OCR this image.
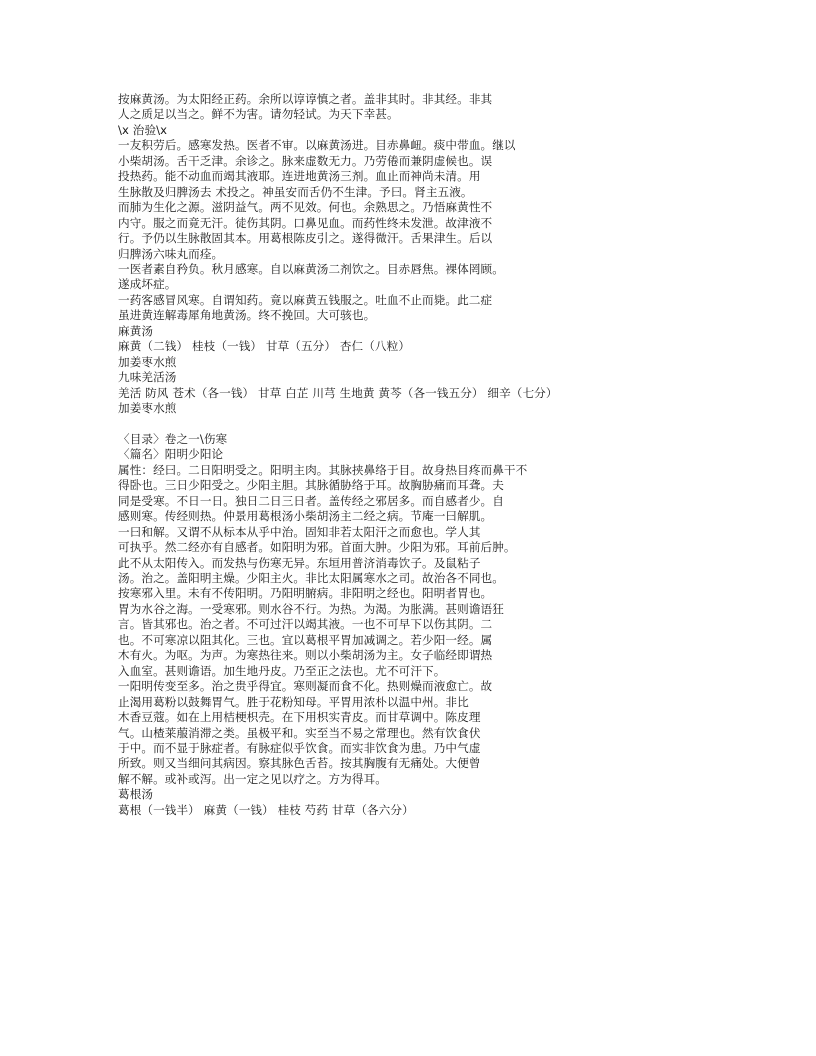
按麻黄汤。为太阳经正药。余所以谆谆慎之者。盖非其时。非其经。非其
人之质足以当之。鲜不为害。请勿轻试。为天下幸甚。
\x 治验\x
一友积劳后。感寒发热。医者不审。以麻黄汤进。目赤鼻衄。痰中带血。继以
小柴胡汤。舌干乏津。余诊之。脉来虚数无力。乃劳倦而兼阴虚候也。误
投热药。能不动血而竭其液耶。连进地黄汤三剂。血止而神尚未清。用
生脉散及归脾汤去 术投之。神虽安而舌仍不生津。予曰。肾主五液。
而肺为生化之源。滋阴益气。两不见效。何也。余熟思之。乃悟麻黄性不
内守。服之而竟无汗。徒伤其阴。口鼻见血。而药性终未发泄。故津液不
行。予仍以生脉散固其本。用葛根陈皮引之。遂得微汗。舌果津生。后以
归脾汤六味丸而痊。
一医者素自矜负。秋月感寒。自以麻黄汤二剂饮之。目赤唇焦。裸体罔顾。
遂成坏症。
一药客感冒风寒。自谓知药。竟以麻黄五钱服之。吐血不止而毙。此二症
虽进黄连解毒犀角地黄汤。终不挽回。大可骇也。
麻黄汤
麻黄（二钱） 桂枝（一钱） 甘草（五分） 杏仁（八粒）
加姜枣水煎
九味羌活汤
羌活 防风 苍术（各一钱） 甘草 白芷 川芎 生地黄 黄芩（各一钱五分） 细辛（七分）
加姜枣水煎

〈目录〉卷之一\伤寒
〈篇名〉阳明少阳论
属性：经曰。二日阳明受之。阳明主肉。其脉挟鼻络于目。故身热目疼而鼻干不
得卧也。三日少阳受之。少阳主胆。其脉循胁络于耳。故胸胁痛而耳聋。夫
同是受寒。不日一日。独日二日三日者。盖传经之邪居多。而自感者少。自
感则寒。传经则热。仲景用葛根汤小柴胡汤主二经之病。节庵一曰解肌。
一曰和解。又谓不从标本从乎中治。固知非若太阳汗之而愈也。学人其
可执乎。然二经亦有自感者。如阳明为邪。首面大肿。少阳为邪。耳前后肿。
此不从太阳传入。而发热与伤寒无异。东垣用普济消毒饮子。及鼠粘子
汤。治之。盖阳明主燥。少阳主火。非比太阳属寒水之司。故治各不同也。
按寒邪入里。未有不传阳明。乃阳明腑病。非阳明之经也。阳明者胃也。
胃为水谷之海。一受寒邪。则水谷不行。为热。为渴。为胀满。甚则谵语狂
言。皆其邪也。治之者。不可过汗以竭其液。一也不可早下以伤其阴。二
也。不可寒凉以阻其化。三也。宜以葛根平胃加减调之。若少阳一经。属
木有火。为呕。为声。为寒热往来。则以小柴胡汤为主。女子临经即谓热
入血室。甚则谵语。加生地丹皮。乃至正之法也。尤不可汗下。
一阳明传变至多。治之贵乎得宜。寒则凝而食不化。热则燥而液愈亡。故
止渴用葛粉以鼓舞胃气。胜于花粉知母。平胃用浓朴以温中州。非比
木香豆蔻。如在上用桔梗枳壳。在下用枳实青皮。而甘草调中。陈皮理
气。山楂莱菔消滞之类。虽极平和。实至当不易之常理也。然有饮食伏
于中。而不显于脉症者。有脉症似乎饮食。而实非饮食为患。乃中气虚
所致。则又当细问其病因。察其脉色舌苔。按其胸腹有无痛处。大便曾
解不解。或补或泻。出一定之见以疗之。方为得耳。
葛根汤
葛根（一钱半） 麻黄（一钱） 桂枝 芍药 甘草（各六分）
